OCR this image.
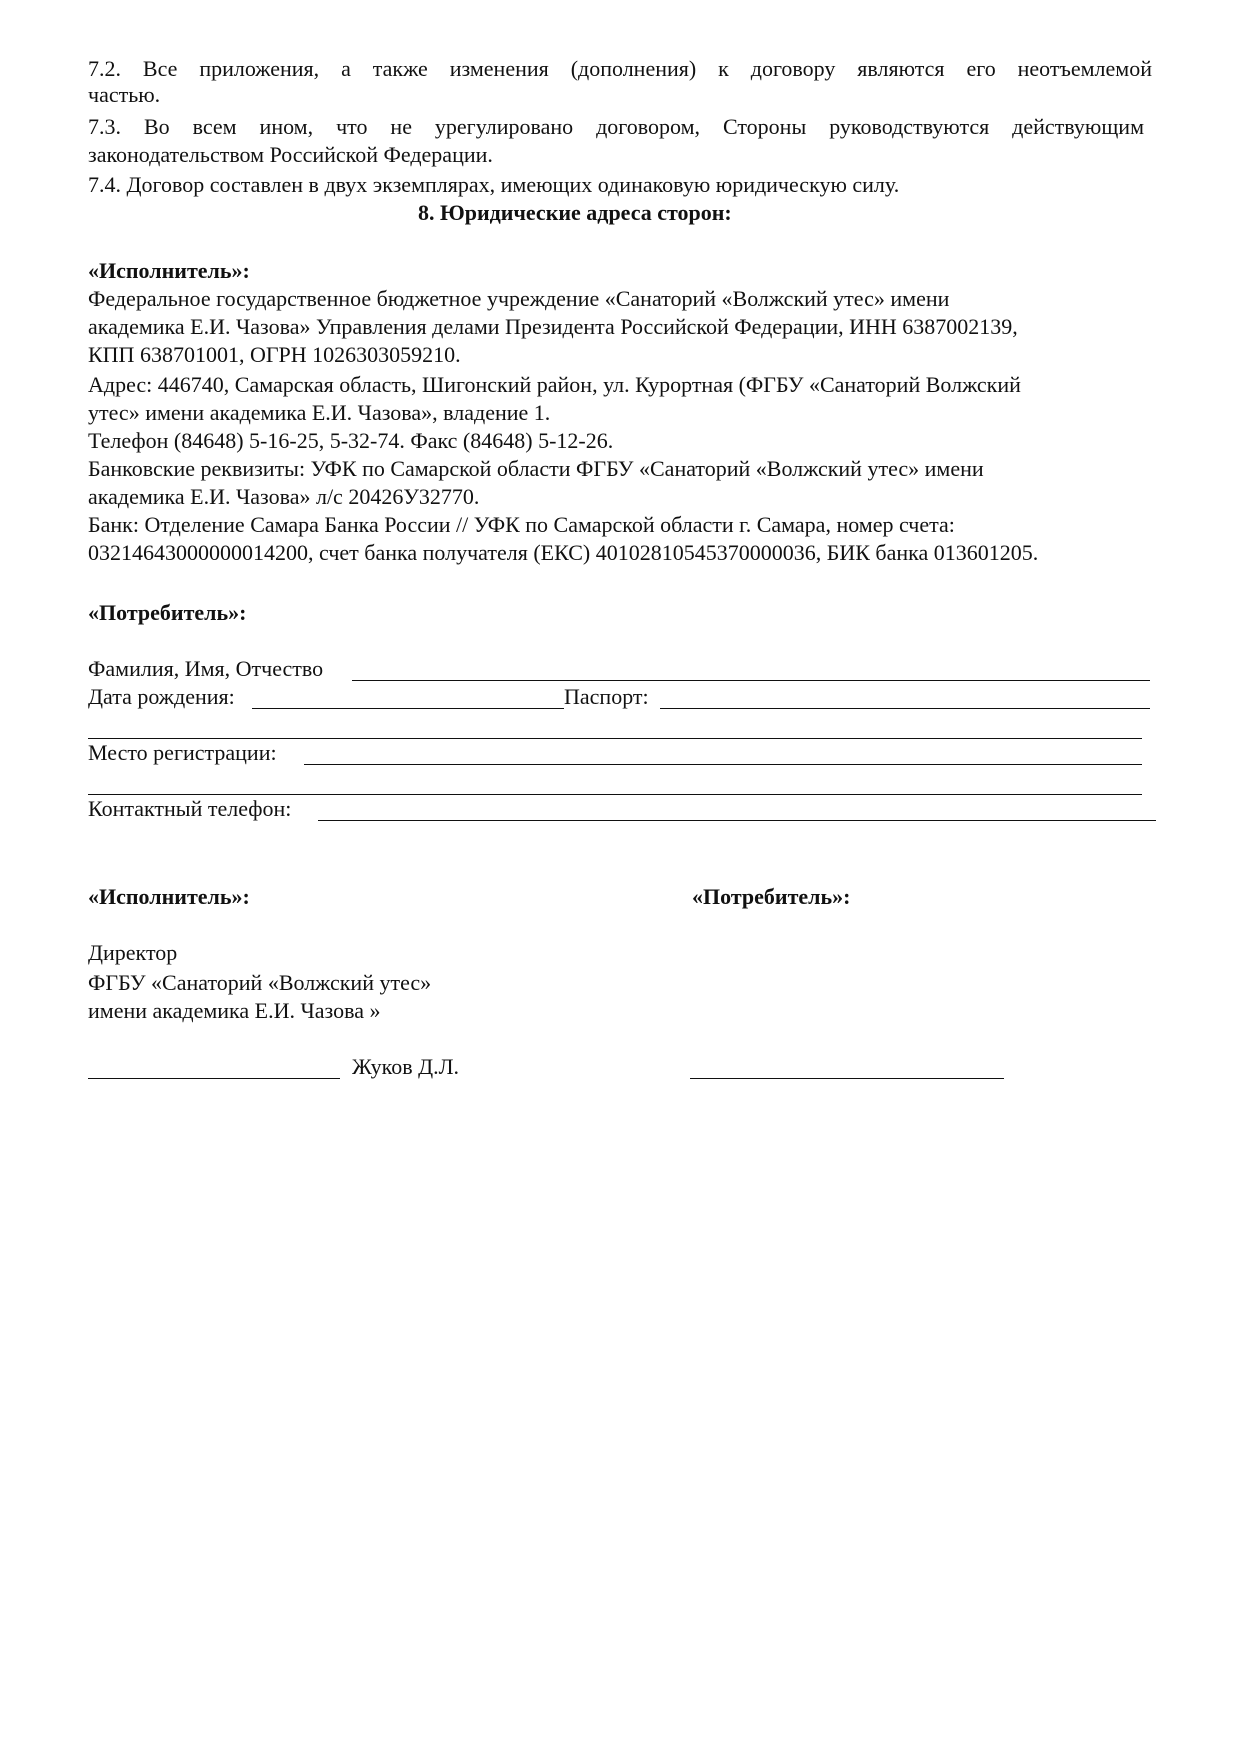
7.2. Все приложения, а также изменения (дополнения) к договору являются его неотъемлемой
частью.
7.3. Во всем ином, что не урегулировано договором, Стороны руководствуются действующим
законодательством Российской Федерации.
7.4. Договор составлен в двух экземплярах, имеющих одинаковую юридическую силу.
8. Юридические адреса сторон:
«Исполнитель»:
Федеральное государственное бюджетное учреждение «Санаторий «Волжский утес» имени
академика Е.И. Чазова» Управления делами Президента Российской Федерации, ИНН 6387002139,
КПП 638701001, ОГРН 1026303059210.
Адрес: 446740, Самарская область, Шигонский район, ул. Курортная (ФГБУ «Санаторий Волжский
утес» имени академика Е.И. Чазова», владение 1.
Телефон (84648) 5-16-25, 5-32-74. Факс (84648) 5-12-26.
Банковские реквизиты: УФК по Самарской области ФГБУ «Санаторий «Волжский утес» имени
академика Е.И. Чазова» л/с 20426У32770.
Банк: Отделение Самара Банка России // УФК по Самарской области г. Самара, номер счета:
03214643000000014200, счет банка получателя (ЕКС) 40102810545370000036, БИК банка 013601205.
«Потребитель»:
Фамилия, Имя, Отчество
Дата рождения:	Паспорт:
Место регистрации:
Контактный телефон:
«Исполнитель»:	«Потребитель»:
Директор
ФГБУ «Санаторий «Волжский утес»
имени академика Е.И. Чазова »
Жуков Д.Л.
